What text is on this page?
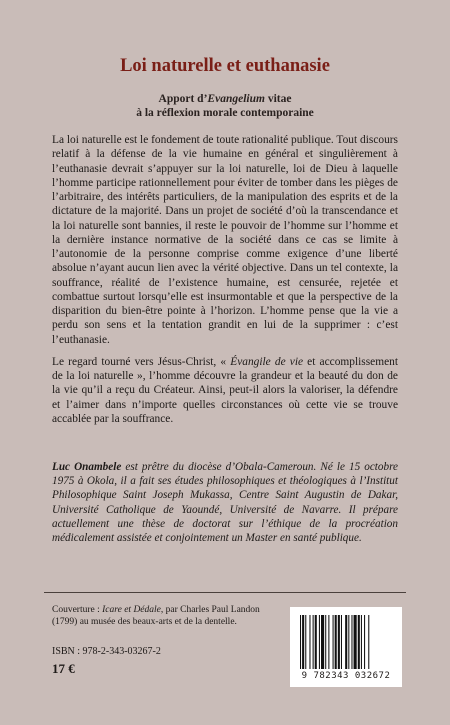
Loi naturelle et euthanasie
Apport d’Evangelium vitae
à la réflexion morale contemporaine

La loi naturelle est le fondement de toute rationalité publique. Tout discours relatif à la défense de la vie humaine en général et singulièrement à l’euthanasie devrait s’appuyer sur la loi naturelle, loi de Dieu à laquelle l’homme participe rationnellement pour éviter de tomber dans les pièges de l’arbitraire, des intérêts particuliers, de la manipulation des esprits et de la dictature de la majorité. Dans un projet de société d’où la transcendance et la loi naturelle sont bannies, il reste le pouvoir de l’homme sur l’homme et la dernière instance normative de la société dans ce cas se limite à l’autonomie de la personne comprise comme exigence d’une liberté absolue n’ayant aucun lien avec la vérité objective. Dans un tel contexte, la souffrance, réalité de l’existence humaine, est censurée, rejetée et combattue surtout lorsqu’elle est insurmontable et que la perspective de la disparition du bien-être pointe à l’horizon. L’homme pense que la vie a perdu son sens et la tentation grandit en lui de la supprimer : c’est l’euthanasie.

Le regard tourné vers Jésus-Christ, « Évangile de vie et accomplissement de la loi naturelle », l’homme découvre la grandeur et la beauté du don de la vie qu’il a reçu du Créateur. Ainsi, peut-il alors la valoriser, la défendre et l’aimer dans n’importe quelles circonstances où cette vie se trouve accablée par la souffrance.

Luc Onambele est prêtre du diocèse d’Obala-Cameroun. Né le 15 octobre 1975 à Okola, il a fait ses études philosophiques et théologiques à l’Institut Philosophique Saint Joseph Mukassa, Centre Saint Augustin de Dakar, Université Catholique de Yaoundé, Université de Navarre. Il prépare actuellement une thèse de doctorat sur l’éthique de la procréation médicalement assistée et conjointement un Master en santé publique.

Couverture : Icare et Dédale, par Charles Paul Landon (1799) au musée des beaux-arts et de la dentelle.

ISBN : 978-2-343-03267-2
17 €	9 782343 032672
